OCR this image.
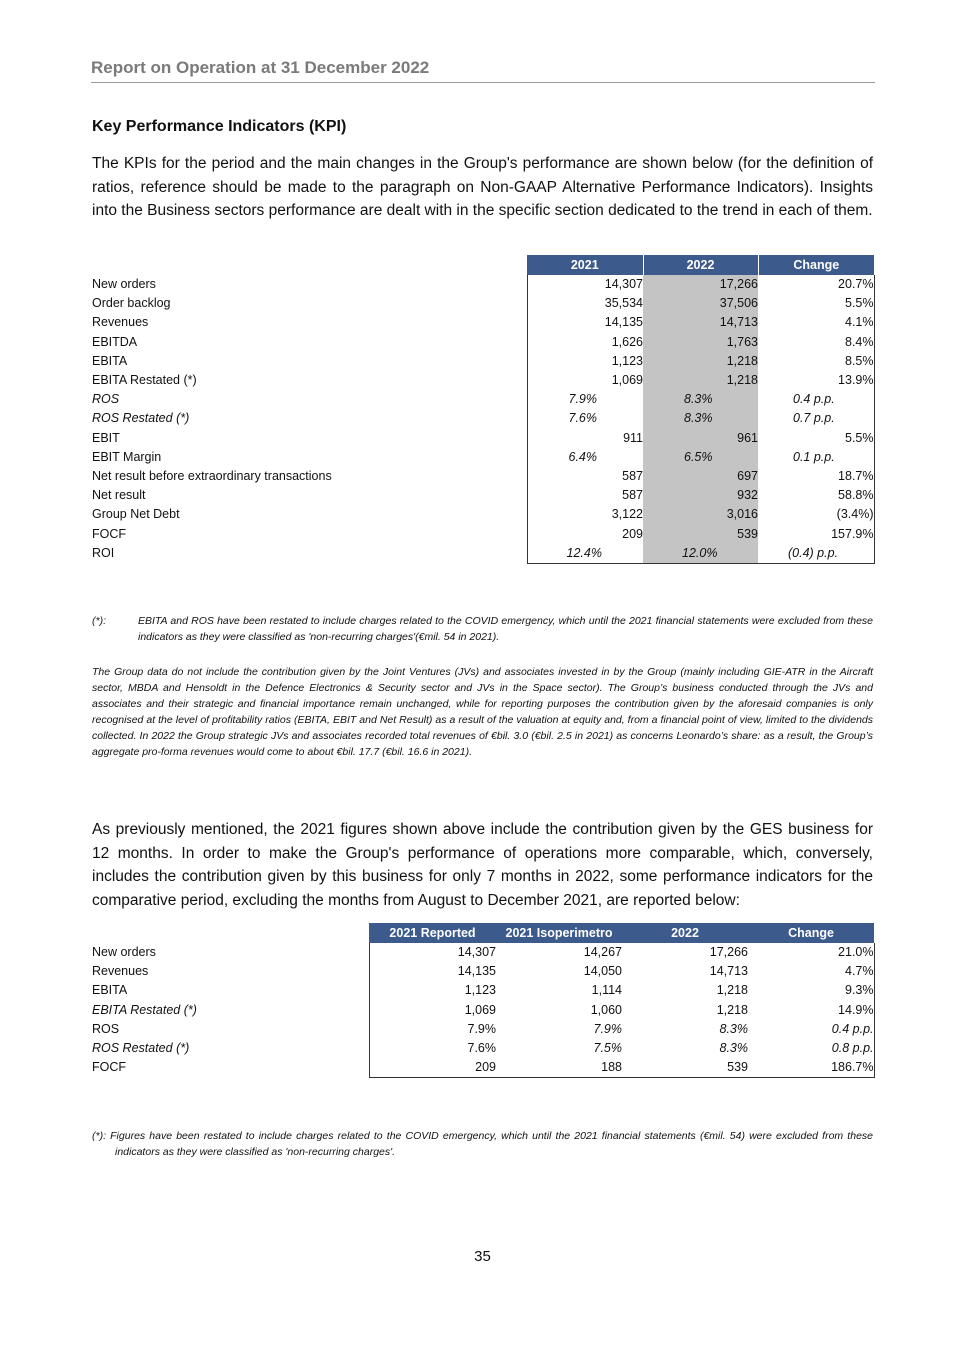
Report on Operation at 31 December 2022
Key Performance Indicators (KPI)
The KPIs for the period and the main changes in the Group's performance are shown below (for the definition of ratios, reference should be made to the paragraph on Non-GAAP Alternative Performance Indicators). Insights into the Business sectors performance are dealt with in the specific section dedicated to the trend in each of them.
	2021	2022	Change
New orders	14,307	17,266	20.7%
Order backlog	35,534	37,506	5.5%
Revenues	14,135	14,713	4.1%
EBITDA	1,626	1,763	8.4%
EBITA	1,123	1,218	8.5%
EBITA Restated (*)	1,069	1,218	13.9%
ROS	7.9%	8.3%	0.4 p.p.
ROS Restated (*)	7.6%	8.3%	0.7 p.p.
EBIT	911	961	5.5%
EBIT Margin	6.4%	6.5%	0.1 p.p.
Net result before extraordinary transactions	587	697	18.7%
Net result	587	932	58.8%
Group Net Debt	3,122	3,016	(3.4%)
FOCF	209	539	157.9%
ROI	12.4%	12.0%	(0.4) p.p.
(*):	EBITA and ROS have been restated to include charges related to the COVID emergency, which until the 2021 financial statements were excluded from these indicators as they were classified as 'non-recurring charges'(€mil. 54 in 2021).
The Group data do not include the contribution given by the Joint Ventures (JVs) and associates invested in by the Group (mainly including GIE-ATR in the Aircraft sector, MBDA and Hensoldt in the Defence Electronics & Security sector and JVs in the Space sector). The Group’s business conducted through the JVs and associates and their strategic and financial importance remain unchanged, while for reporting purposes the contribution given by the aforesaid companies is only recognised at the level of profitability ratios (EBITA, EBIT and Net Result) as a result of the valuation at equity and, from a financial point of view, limited to the dividends collected. In 2022 the Group strategic JVs and associates recorded total revenues of €bil. 3.0 (€bil. 2.5 in 2021) as concerns Leonardo’s share: as a result, the Group’s aggregate pro-forma revenues would come to about €bil. 17.7 (€bil. 16.6 in 2021).
As previously mentioned, the 2021 figures shown above include the contribution given by the GES business for 12 months. In order to make the Group's performance of operations more comparable, which, conversely, includes the contribution given by this business for only 7 months in 2022, some performance indicators for the comparative period, excluding the months from August to December 2021, are reported below:
	2021 Reported	2021 Isoperimetro	2022	Change
New orders	14,307	14,267	17,266	21.0%
Revenues	14,135	14,050	14,713	4.7%
EBITA	1,123	1,114	1,218	9.3%
EBITA Restated (*)	1,069	1,060	1,218	14.9%
ROS	7.9%	7.9%	8.3%	0.4 p.p.
ROS Restated (*)	7.6%	7.5%	8.3%	0.8 p.p.
FOCF	209	188	539	186.7%
(*): Figures have been restated to include charges related to the COVID emergency, which until the 2021 financial statements (€mil. 54) were excluded from these indicators as they were classified as 'non-recurring charges'.
35
